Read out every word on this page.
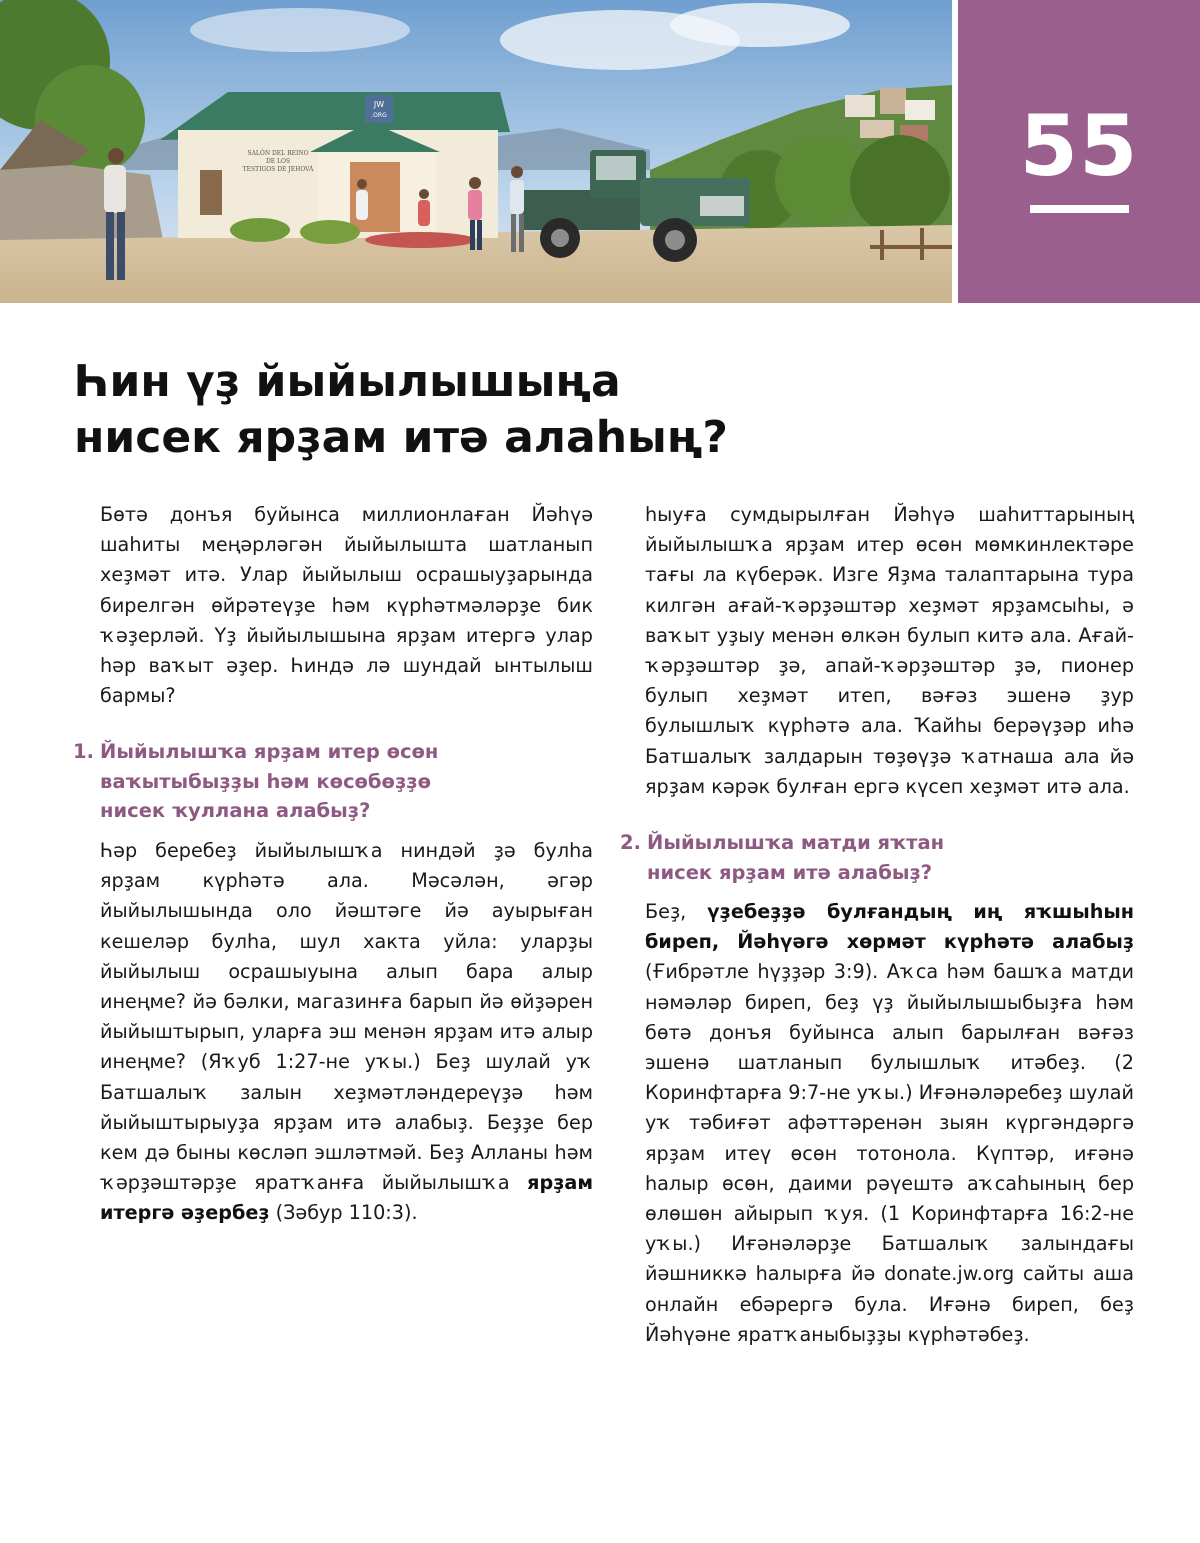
JW
.ORG
SALÓN DEL REINO
DE LOS
TESTIGOS DE JEHOVÁ	55
Һин үҙ йыйылышыңа
нисек ярҙам итә алаһың?

Бөтә донъя буйынса миллионлаған Йәһүә шаһиты меңәрләгән йыйылышта шатланып хеҙмәт итә. Улар йыйылыш осрашыуҙарында бирелгән өйрәтеүҙе һәм күрһәтмәләрҙе бик ҡәҙерләй. Үҙ йыйылышына ярҙам итергә улар һәр ваҡыт әҙер. Һиндә лә шундай ынтылыш бармы?

1. Йыйылышҡа ярҙам итер өсөн
ваҡытыбыҙҙы һәм көсөбөҙҙө
нисек ҡуллана алабыҙ?

Һәр беребеҙ йыйылышҡа ниндәй ҙә булһа ярҙам күрһәтә ала. Мәсәлән, әгәр йыйылышында оло йәштәге йә ауырыған кешеләр булһа, шул хакта уйла: уларҙы йыйылыш осрашыуына алып бара алыр инеңме? йә бәлки, магазинға барып йә өйҙәрен йыйыштырып, уларға эш менән ярҙам итә алыр инеңме? (Яҡуб 1:27-не уҡы.) Беҙ шулай уҡ Батшалыҡ залын хеҙмәтләндереүҙә һәм йыйыштырыуҙа ярҙам итә алабыҙ. Беҙҙе бер кем дә быны көсләп эшләтмәй. Беҙ Алланы һәм ҡәрҙәштәрҙе яратҡанға йыйылышҡа ярҙам итергә әҙербеҙ (Зәбур 110:3).

һыуға сумдырылған Йәһүә шаһиттарының йыйылышҡа ярҙам итер өсөн мөмкинлектәре тағы ла күберәк. Изге Яҙма талаптарына тура килгән ағай-ҡәрҙәштәр хеҙмәт ярҙамсыһы, ә ваҡыт уҙыу менән өлкән булып китә ала. Ағай-ҡәрҙәштәр ҙә, апай-ҡәрҙәштәр ҙә, пионер булып хеҙмәт итеп, вәғәз эшенә ҙур булышлыҡ күрһәтә ала. Ҡайһы берәүҙәр иһә Батшалыҡ залдарын төҙөүҙә ҡатнаша ала йә ярҙам кәрәк булған ергә күсеп хеҙмәт итә ала.

2. Йыйылышҡа матди яҡтан
нисек ярҙам итә алабыҙ?

Беҙ, үҙебеҙҙә булғандың иң яҡшыһын биреп, Йәһүәгә хөрмәт күрһәтә алабыҙ (Ғибрәтле һүҙҙәр 3:9). Аҡса һәм башҡа матди нәмәләр биреп, беҙ үҙ йыйылышыбыҙға һәм бөтә донъя буйынса алып барылған вәғәз эшенә шатланып булышлыҡ итәбеҙ. (2 Коринфтарға 9:7-не уҡы.) Иғәнәләребеҙ шулай уҡ тәбиғәт афәттәренән зыян күргәндәргә ярҙам итеү өсөн тотонола. Күптәр, иғәнә һалыр өсөн, даими рәүештә аҡсаһының бер өлөшөн айырып ҡуя. (1 Коринфтарға 16:2-не уҡы.) Иғәнәләрҙе Батшалыҡ залындағы йәшниккә һалырға йә donate.jw.org сайты аша онлайн ебәрергә була. Иғәнә биреп, беҙ Йәһүәне яратҡаныбыҙҙы күрһәтәбеҙ.
